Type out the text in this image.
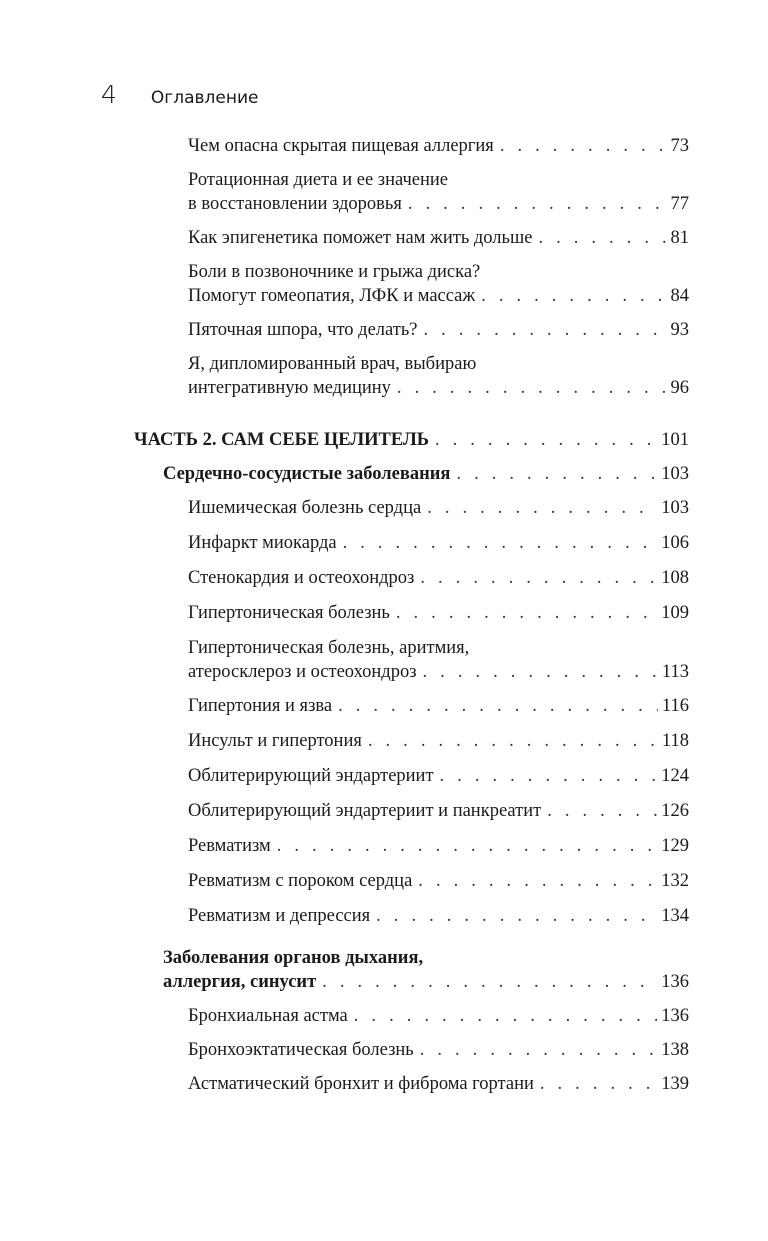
4 Оглавление
Чем опасна скрытая пищевая аллергия . . .	73
Ротационная диета и ее значение
в восстановлении здоровья . . .	77
Как эпигенетика поможет нам жить дольше . . .	81
Боли в позвоночнике и грыжа диска?
Помогут гомеопатия, ЛФК и массаж . . .	84
Пяточная шпора, что делать? . . .	93
Я, дипломированный врач, выбираю
интегративную медицину . . .	96
ЧАСТЬ 2. САМ СЕБЕ ЦЕЛИТЕЛЬ . . .	101
Сердечно-сосудистые заболевания . . .	103
Ишемическая болезнь сердца . . .	103
Инфаркт миокарда . . .	106
Стенокардия и остеохондроз . . .	108
Гипертоническая болезнь . . .	109
Гипертоническая болезнь, аритмия,
атеросклероз и остеохондроз . . .	113
Гипертония и язва . . .	116
Инсульт и гипертония . . .	118
Облитерирующий эндартериит . . .	124
Облитерирующий эндартериит и панкреатит . . .	126
Ревматизм . . .	129
Ревматизм с пороком сердца . . .	132
Ревматизм и депрессия . . .	134
Заболевания органов дыхания,
аллергия, синусит . . .	136
Бронхиальная астма . . .	136
Бронхоэктатическая болезнь . . .	138
Астматический бронхит и фиброма гортани . . .	139
